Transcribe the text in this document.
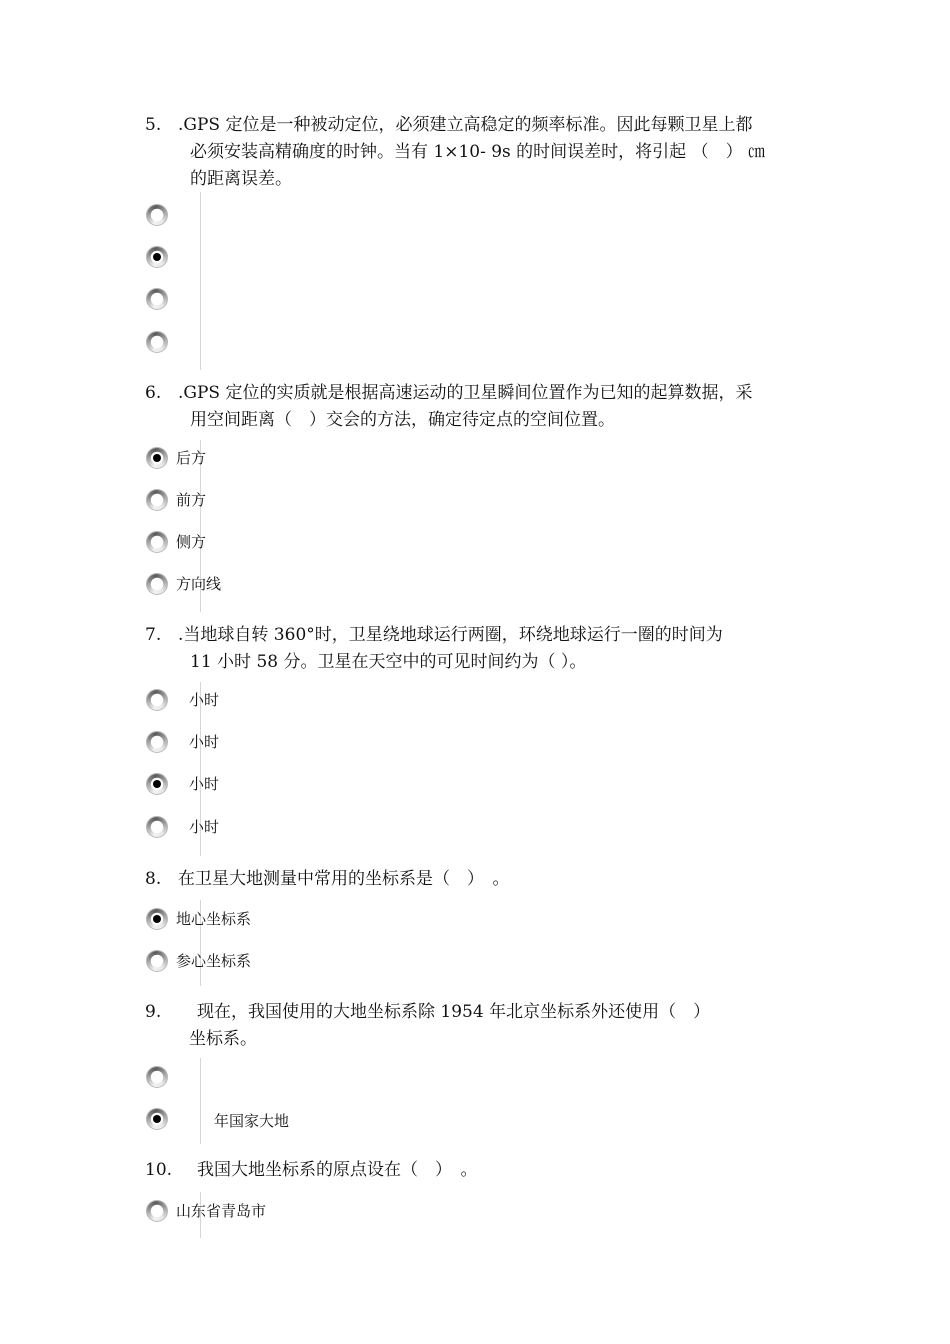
5. .GPS 定位是一种被动定位，必须建立高稳定的频率标准。因此每颗卫星上都
必须安装高精确度的时钟。当有 1×10- 9s 的时间误差时，将引起 （　） ㎝
的距离误差。
6. .GPS 定位的实质就是根据高速运动的卫星瞬间位置作为已知的起算数据，采
用空间距离（　）交会的方法，确定待定点的空间位置。
后方
前方
侧方
方向线
7. .当地球自转 360°时，卫星绕地球运行两圈，环绕地球运行一圈的时间为
11 小时 58 分。卫星在天空中的可见时间约为（ ）。
小时
小时
小时
小时
8. 在卫星大地测量中常用的坐标系是（　）　。
地心坐标系
参心坐标系
9. 现在，我国使用的大地坐标系除 1954 年北京坐标系外还使用（　）
坐标系。
年国家大地
10. 我国大地坐标系的原点设在（　）　。
山东省青岛市
